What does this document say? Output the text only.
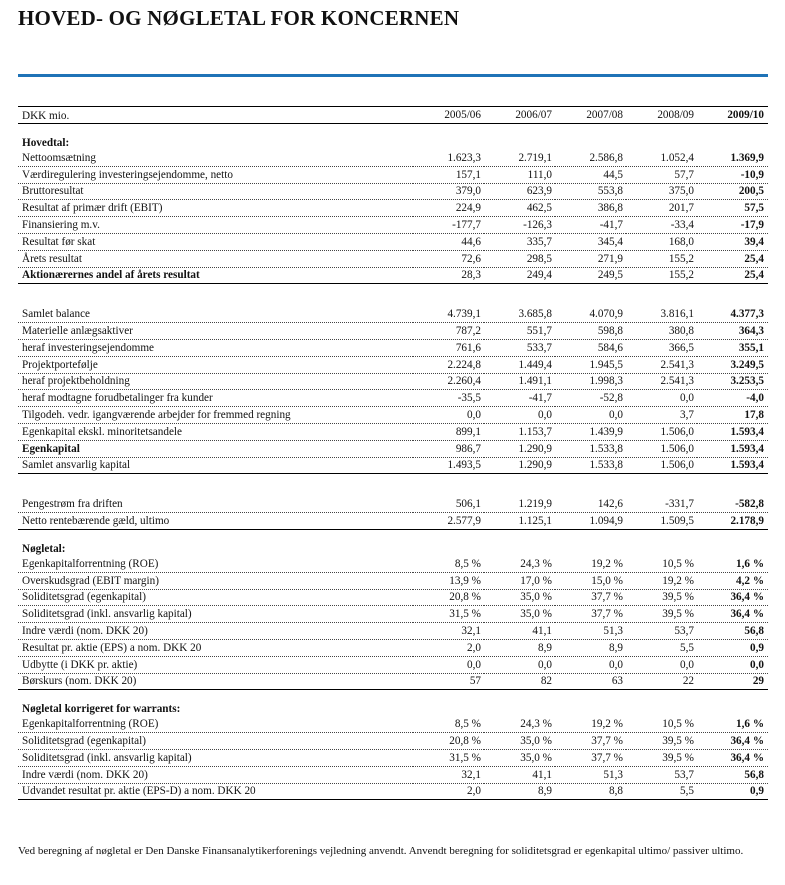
HOVED- OG NØGLETAL FOR KONCERNEN
DKK mio.	2005/06	2006/07	2007/08	2008/09	2009/10
Hovedtal:					
Nettoomsætning	1.623,3	2.719,1	2.586,8	1.052,4	1.369,9
Værdiregulering investeringsejendomme, netto	157,1	111,0	44,5	57,7	-10,9
Bruttoresultat	379,0	623,9	553,8	375,0	200,5
Resultat af primær drift (EBIT)	224,9	462,5	386,8	201,7	57,5
Finansiering m.v.	-177,7	-126,3	-41,7	-33,4	-17,9
Resultat før skat	44,6	335,7	345,4	168,0	39,4
Årets resultat	72,6	298,5	271,9	155,2	25,4
Aktionærernes andel af årets resultat	28,3	249,4	249,5	155,2	25,4

Samlet balance	4.739,1	3.685,8	4.070,9	3.816,1	4.377,3
Materielle anlægsaktiver	787,2	551,7	598,8	380,8	364,3
heraf investeringsejendomme	761,6	533,7	584,6	366,5	355,1
Projektportefølje	2.224,8	1.449,4	1.945,5	2.541,3	3.249,5
heraf projektbeholdning	2.260,4	1.491,1	1.998,3	2.541,3	3.253,5
heraf modtagne forudbetalinger fra kunder	-35,5	-41,7	-52,8	0,0	-4,0
Tilgodeh. vedr. igangværende arbejder for fremmed regning	0,0	0,0	0,0	3,7	17,8
Egenkapital ekskl. minoritetsandele	899,1	1.153,7	1.439,9	1.506,0	1.593,4
Egenkapital	986,7	1.290,9	1.533,8	1.506,0	1.593,4
Samlet ansvarlig kapital	1.493,5	1.290,9	1.533,8	1.506,0	1.593,4

Pengestrøm fra driften	506,1	1.219,9	142,6	-331,7	-582,8
Netto rentebærende gæld, ultimo	2.577,9	1.125,1	1.094,9	1.509,5	2.178,9
Nøgletal:					
Egenkapitalforrentning (ROE)	8,5 %	24,3 %	19,2 %	10,5 %	1,6 %
Overskudsgrad (EBIT margin)	13,9 %	17,0 %	15,0 %	19,2 %	4,2 %
Soliditetsgrad (egenkapital)	20,8 %	35,0 %	37,7 %	39,5 %	36,4 %
Soliditetsgrad (inkl. ansvarlig kapital)	31,5 %	35,0 %	37,7 %	39,5 %	36,4 %
Indre værdi (nom. DKK 20)	32,1	41,1	51,3	53,7	56,8
Resultat pr. aktie (EPS) a nom. DKK 20	2,0	8,9	8,9	5,5	0,9
Udbytte (i DKK pr. aktie)	0,0	0,0	0,0	0,0	0,0
Børskurs (nom. DKK 20)	57	82	63	22	29
Nøgletal korrigeret for warrants:					
Egenkapitalforrentning (ROE)	8,5 %	24,3 %	19,2 %	10,5 %	1,6 %
Soliditetsgrad (egenkapital)	20,8 %	35,0 %	37,7 %	39,5 %	36,4 %
Soliditetsgrad (inkl. ansvarlig kapital)	31,5 %	35,0 %	37,7 %	39,5 %	36,4 %
Indre værdi (nom. DKK 20)	32,1	41,1	51,3	53,7	56,8
Udvandet resultat pr. aktie (EPS-D) a nom. DKK 20	2,0	8,9	8,8	5,5	0,9

Ved beregning af nøgletal er Den Danske Finansanalytikerforenings vejledning anvendt. Anvendt beregning for soliditetsgrad er egenkapital ultimo/ passiver ultimo.
